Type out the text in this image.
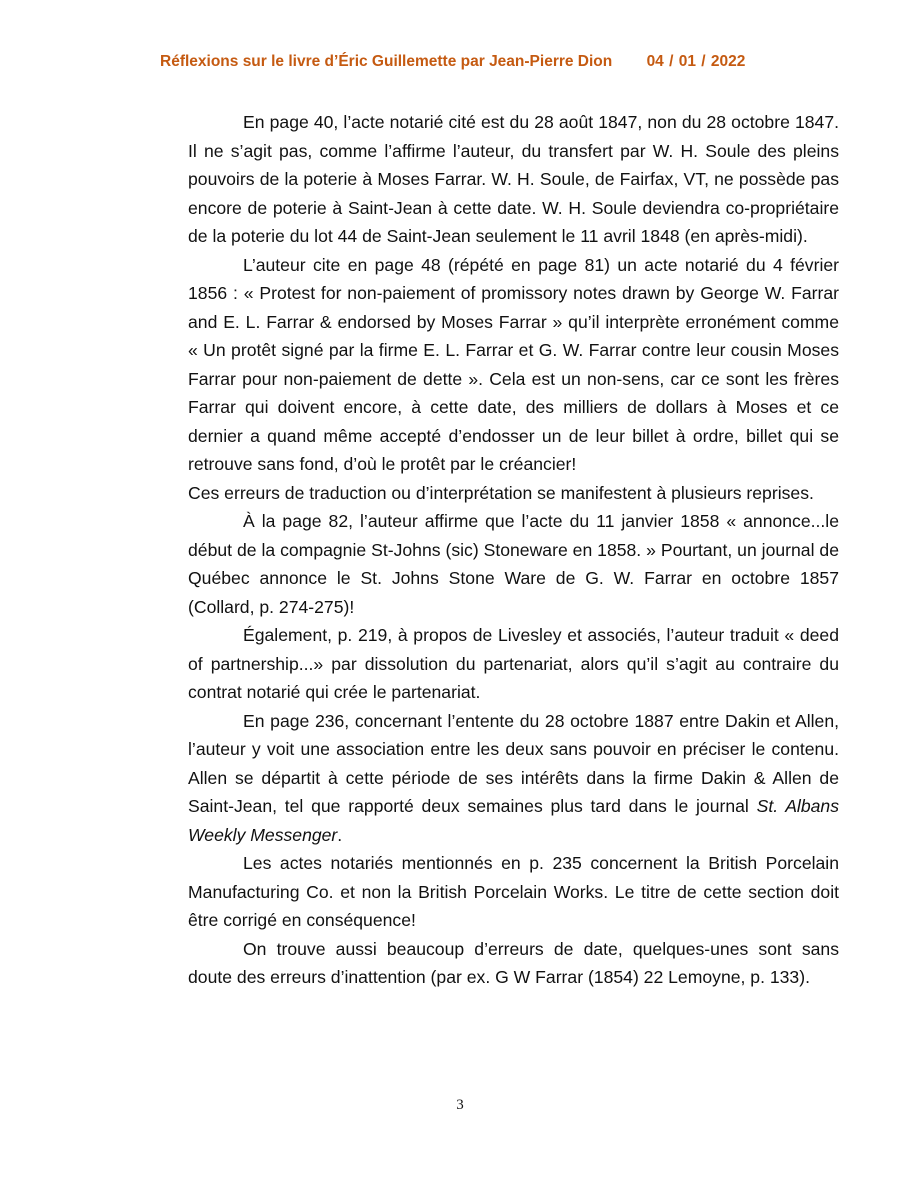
Réflexions sur le livre d’Éric Guillemette par Jean-Pierre Dion 04 / 01 / 2022

En page 40, l’acte notarié cité est du 28 août 1847, non du 28 octobre 1847. Il ne s’agit pas, comme l’affirme l’auteur, du transfert par W. H. Soule des pleins pouvoirs de la poterie à Moses Farrar. W. H. Soule, de Fairfax, VT, ne possède pas encore de poterie à Saint-Jean à cette date. W. H. Soule deviendra co-propriétaire de la poterie du lot 44 de Saint-Jean seulement le 11 avril 1848 (en après-midi).

L’auteur cite en page 48 (répété en page 81) un acte notarié du 4 février 1856 : « Protest for non-paiement of promissory notes drawn by George W. Farrar and E. L. Farrar & endorsed by Moses Farrar » qu’il interprète erronément comme « Un protêt signé par la firme E. L. Farrar et G. W. Farrar contre leur cousin Moses Farrar pour non-paiement de dette ». Cela est un non-sens, car ce sont les frères Farrar qui doivent encore, à cette date, des milliers de dollars à Moses et ce dernier a quand même accepté d’endosser un de leur billet à ordre, billet qui se retrouve sans fond, d’où le protêt par le créancier!

Ces erreurs de traduction ou d’interprétation se manifestent à plusieurs reprises.

À la page 82, l’auteur affirme que l’acte du 11 janvier 1858 « annonce...le début de la compagnie St-Johns (sic) Stoneware en 1858. » Pourtant, un journal de Québec annonce le St. Johns Stone Ware de G. W. Farrar en octobre 1857 (Collard, p. 274-275)!

Également, p. 219, à propos de Livesley et associés, l’auteur traduit « deed of partnership...» par dissolution du partenariat, alors qu’il s’agit au contraire du contrat notarié qui crée le partenariat.

En page 236, concernant l’entente du 28 octobre 1887 entre Dakin et Allen, l’auteur y voit une association entre les deux sans pouvoir en préciser le contenu. Allen se départit à cette période de ses intérêts dans la firme Dakin & Allen de Saint-Jean, tel que rapporté deux semaines plus tard dans le journal St. Albans Weekly Messenger.

Les actes notariés mentionnés en p. 235 concernent la British Porcelain Manufacturing Co. et non la British Porcelain Works. Le titre de cette section doit être corrigé en conséquence!

On trouve aussi beaucoup d’erreurs de date, quelques-unes sont sans doute des erreurs d’inattention (par ex. G W Farrar (1854) 22 Lemoyne, p. 133).

3
